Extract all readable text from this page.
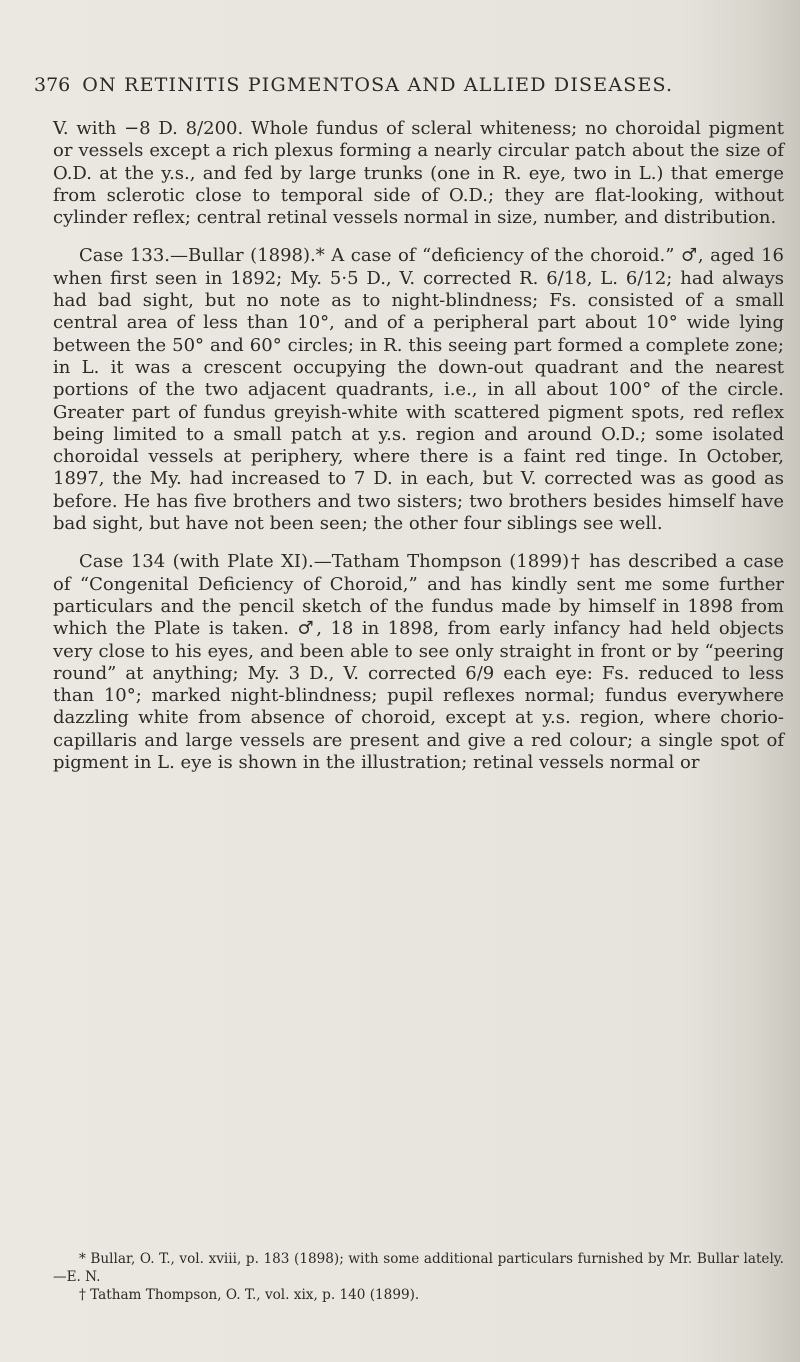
376 ON RETINITIS PIGMENTOSA AND ALLIED DISEASES.

V. with −8 D. 8/200. Whole fundus of scleral whiteness; no choroidal pigment or vessels except a rich plexus forming a nearly circular patch about the size of O.D. at the y.s., and fed by large trunks (one in R. eye, two in L.) that emerge from sclerotic close to temporal side of O.D.; they are flat-looking, without cylinder reflex; central retinal vessels normal in size, number, and distribution.

Case 133.—Bullar (1898).* A case of “deficiency of the choroid.” ♂, aged 16 when first seen in 1892; My. 5·5 D., V. corrected R. 6/18, L. 6/12; had always had bad sight, but no note as to night-blindness; Fs. consisted of a small central area of less than 10°, and of a peripheral part about 10° wide lying between the 50° and 60° circles; in R. this seeing part formed a complete zone; in L. it was a crescent occupying the down-out quadrant and the nearest portions of the two adjacent quadrants, i.e., in all about 100° of the circle. Greater part of fundus greyish-white with scattered pigment spots, red reflex being limited to a small patch at y.s. region and around O.D.; some isolated choroidal vessels at periphery, where there is a faint red tinge. In October, 1897, the My. had increased to 7 D. in each, but V. corrected was as good as before. He has five brothers and two sisters; two brothers besides himself have bad sight, but have not been seen; the other four siblings see well.

Case 134 (with Plate XI).—Tatham Thompson (1899)† has described a case of “Congenital Deficiency of Choroid,” and has kindly sent me some further particulars and the pencil sketch of the fundus made by himself in 1898 from which the Plate is taken. ♂, 18 in 1898, from early infancy had held objects very close to his eyes, and been able to see only straight in front or by “peering round” at anything; My. 3 D., V. corrected 6/9 each eye: Fs. reduced to less than 10°; marked night-blindness; pupil reflexes normal; fundus everywhere dazzling white from absence of choroid, except at y.s. region, where chorio-capillaris and large vessels are present and give a red colour; a single spot of pigment in L. eye is shown in the illustration; retinal vessels normal or

* Bullar, O. T., vol. xviii, p. 183 (1898); with some additional particulars furnished by Mr. Bullar lately.—E. N.

† Tatham Thompson, O. T., vol. xix, p. 140 (1899).
